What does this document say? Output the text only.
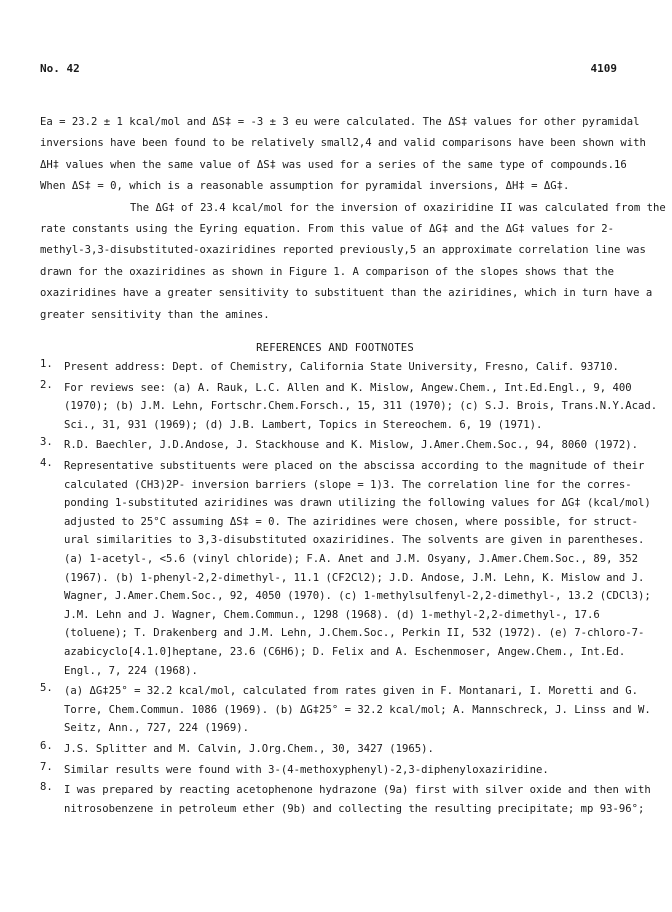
No. 42	4109
Ea = 23.2 ± 1 kcal/mol and ΔS‡ = -3 ± 3 eu were calculated. The ΔS‡ values for other pyramidal
inversions have been found to be relatively small2,4 and valid comparisons have been shown with
ΔH‡ values when the same value of ΔS‡ was used for a series of the same type of compounds.16
When ΔS‡ = 0, which is a reasonable assumption for pyramidal inversions, ΔH‡ = ΔG‡.
The ΔG‡ of 23.4 kcal/mol for the inversion of oxaziridine II was calculated from the
rate constants using the Eyring equation. From this value of ΔG‡ and the ΔG‡ values for 2-
methyl-3,3-disubstituted-oxaziridines reported previously,5 an approximate correlation line was
drawn for the oxaziridines as shown in Figure 1. A comparison of the slopes shows that the
oxaziridines have a greater sensitivity to substituent than the aziridines, which in turn have a
greater sensitivity than the amines.
REFERENCES AND FOOTNOTES
1.	Present address: Dept. of Chemistry, California State University, Fresno, Calif. 93710.
2.	For reviews see: (a) A. Rauk, L.C. Allen and K. Mislow, Angew.Chem., Int.Ed.Engl., 9, 400
(1970); (b) J.M. Lehn, Fortschr.Chem.Forsch., 15, 311 (1970); (c) S.J. Brois, Trans.N.Y.Acad.
Sci., 31, 931 (1969); (d) J.B. Lambert, Topics in Stereochem. 6, 19 (1971).
3.	R.D. Baechler, J.D.Andose, J. Stackhouse and K. Mislow, J.Amer.Chem.Soc., 94, 8060 (1972).
4.	Representative substituents were placed on the abscissa according to the magnitude of their
calculated (CH3)2P- inversion barriers (slope = 1)3. The correlation line for the corres-
ponding 1-substituted aziridines was drawn utilizing the following values for ΔG‡ (kcal/mol)
adjusted to 25°C assuming ΔS‡ = 0. The aziridines were chosen, where possible, for struct-
ural similarities to 3,3-disubstituted oxaziridines. The solvents are given in parentheses.
(a) 1-acetyl-, <5.6 (vinyl chloride); F.A. Anet and J.M. Osyany, J.Amer.Chem.Soc., 89, 352
(1967). (b) 1-phenyl-2,2-dimethyl-, 11.1 (CF2Cl2); J.D. Andose, J.M. Lehn, K. Mislow and J.
Wagner, J.Amer.Chem.Soc., 92, 4050 (1970). (c) 1-methylsulfenyl-2,2-dimethyl-, 13.2 (CDCl3);
J.M. Lehn and J. Wagner, Chem.Commun., 1298 (1968). (d) 1-methyl-2,2-dimethyl-, 17.6
(toluene); T. Drakenberg and J.M. Lehn, J.Chem.Soc., Perkin II, 532 (1972). (e) 7-chloro-7-
azabicyclo[4.1.0]heptane, 23.6 (C6H6); D. Felix and A. Eschenmoser, Angew.Chem., Int.Ed.
Engl., 7, 224 (1968).
5.	(a) ΔG‡25° = 32.2 kcal/mol, calculated from rates given in F. Montanari, I. Moretti and G.
Torre, Chem.Commun. 1086 (1969). (b) ΔG‡25° = 32.2 kcal/mol; A. Mannschreck, J. Linss and W.
Seitz, Ann., 727, 224 (1969).
6.	J.S. Splitter and M. Calvin, J.Org.Chem., 30, 3427 (1965).
7.	Similar results were found with 3-(4-methoxyphenyl)-2,3-diphenyloxaziridine.
8.	I was prepared by reacting acetophenone hydrazone (9a) first with silver oxide and then with
nitrosobenzene in petroleum ether (9b) and collecting the resulting precipitate; mp 93-96°;
